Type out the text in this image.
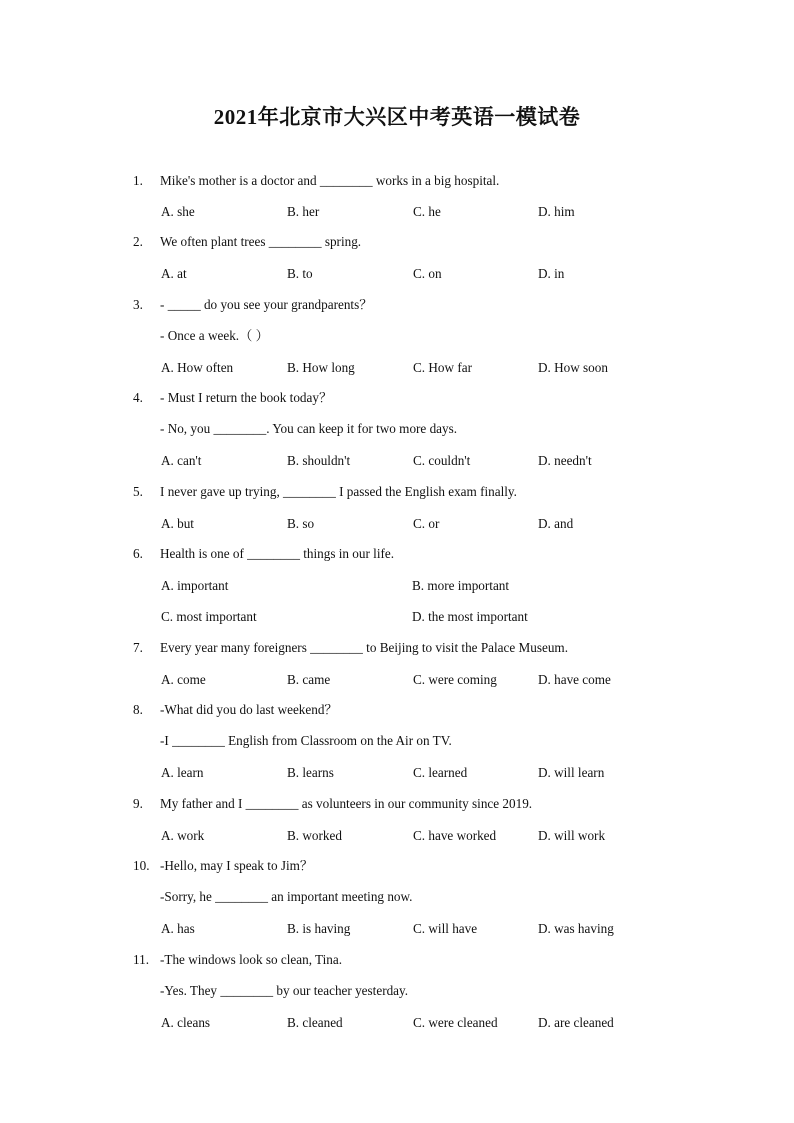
2021年北京市大兴区中考英语一模试卷
1. Mike's mother is a doctor and ________ works in a big hospital.
A. she	B. her	C. he	D. him
2. We often plant trees ________ spring.
A. at	B. to	C. on	D. in
3. - _____ do you see your grandparents？
- Once a week.（ ）
A. How often	B. How long	C. How far	D. How soon
4. - Must I return the book today？
- No, you ________. You can keep it for two more days.
A. can't	B. shouldn't	C. couldn't	D. needn't
5. I never gave up trying, ________ I passed the English exam finally.
A. but	B. so	C. or	D. and
6. Health is one of ________ things in our life.
A. important	B. more important
C. most important	D. the most important
7. Every year many foreigners ________ to Beijing to visit the Palace Museum.
A. come	B. came	C. were coming	D. have come
8. -What did you do last weekend？
-I ________ English from Classroom on the Air on TV.
A. learn	B. learns	C. learned	D. will learn
9. My father and I ________ as volunteers in our community since 2019.
A. work	B. worked	C. have worked	D. will work
10. -Hello, may I speak to Jim？
-Sorry, he ________ an important meeting now.
A. has	B. is having	C. will have	D. was having
11. -The windows look so clean, Tina.
-Yes. They ________ by our teacher yesterday.
A. cleans	B. cleaned	C. were cleaned	D. are cleaned
